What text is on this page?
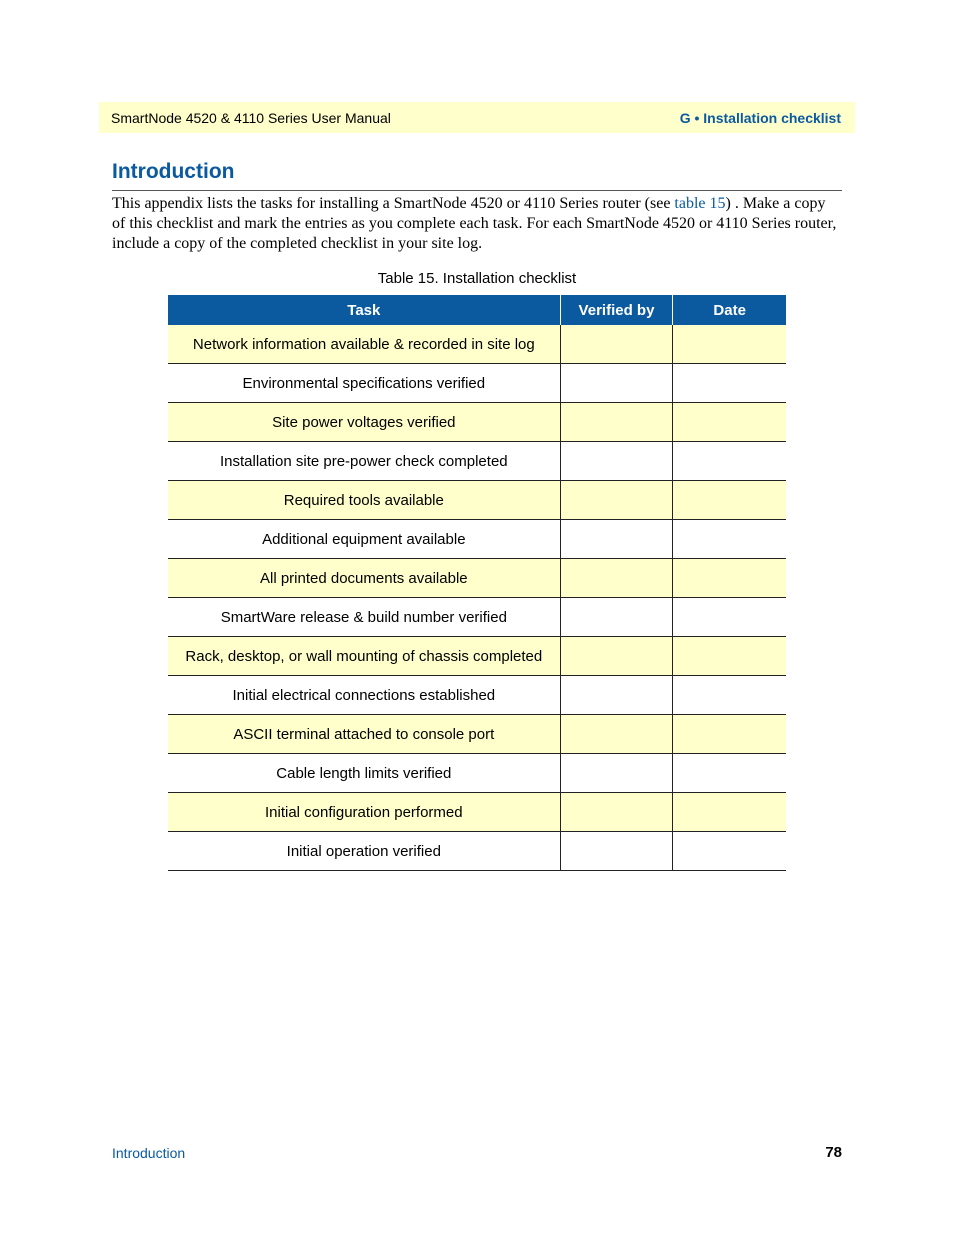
SmartNode 4520 & 4110 Series User Manual	G • Installation checklist
Introduction

This appendix lists the tasks for installing a SmartNode 4520 or 4110 Series router (see table 15) . Make a copy of this checklist and mark the entries as you complete each task. For each SmartNode 4520 or 4110 Series router, include a copy of the completed checklist in your site log.

Table 15. Installation checklist
Task	Verified by	Date
Network information available & recorded in site log		
Environmental specifications verified		
Site power voltages verified		
Installation site pre-power check completed		
Required tools available		
Additional equipment available		
All printed documents available		
SmartWare release & build number verified		
Rack, desktop, or wall mounting of chassis completed		
Initial electrical connections established		
ASCII terminal attached to console port		
Cable length limits verified		
Initial configuration performed		
Initial operation verified		
Introduction	78
